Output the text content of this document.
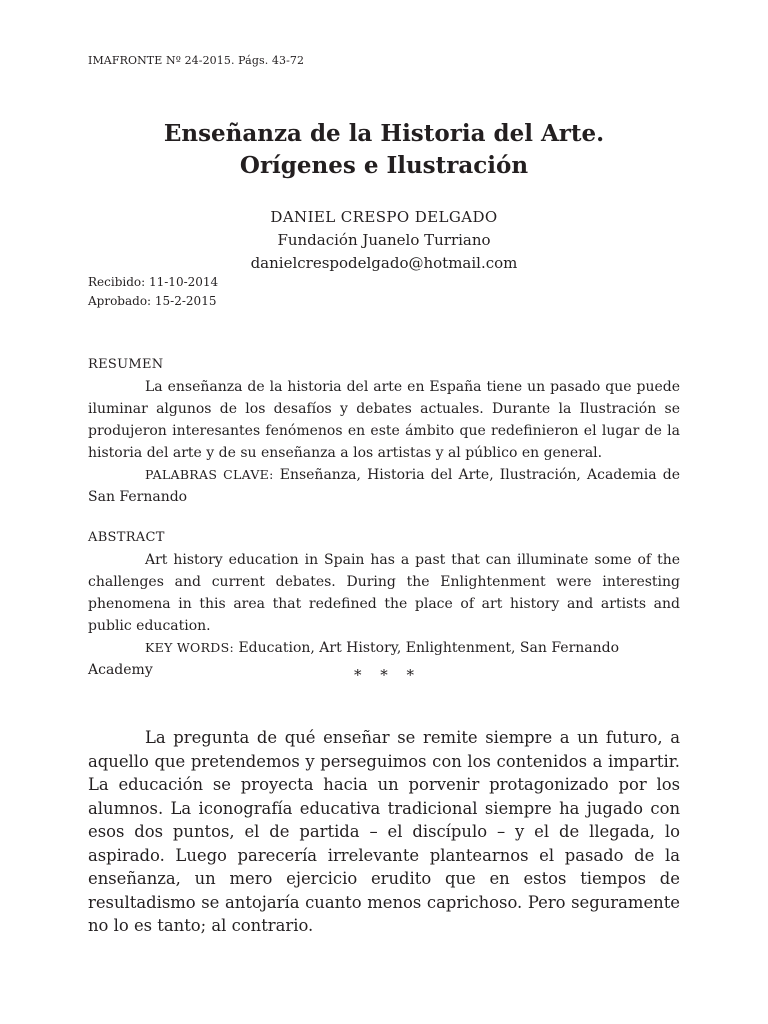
IMAFRONTE Nº 24-2015. Págs. 43-72
Enseñanza de la Historia del Arte.
Orígenes e Ilustración
DANIEL CRESPO DELGADO
Fundación Juanelo Turriano
danielcrespodelgado@hotmail.com
Recibido: 11-10-2014
Aprobado: 15-2-2015
RESUMEN
La enseñanza de la historia del arte en España tiene un pasado que puede iluminar algunos de los desafíos y debates actuales. Durante la Ilustración se produjeron interesantes fenómenos en este ámbito que redefinieron el lugar de la historia del arte y de su enseñanza a los artistas y al público en general.
PALABRAS CLAVE: Enseñanza, Historia del Arte, Ilustración, Academia de San Fernando
ABSTRACT
Art history education in Spain has a past that can illuminate some of the challenges and current debates. During the Enlightenment were interesting phenomena in this area that redefined the place of art history and artists and public education.
KEY WORDS: Education, Art History, Enlightenment, San Fernando Academy	* * *
La pregunta de qué enseñar se remite siempre a un futuro, a aquello que pretendemos y perseguimos con los contenidos a impartir. La educación se proyecta hacia un porvenir protagonizado por los alumnos. La iconografía educativa tradicional siempre ha jugado con esos dos puntos, el de partida – el discípulo – y el de llegada, lo aspirado. Luego parecería irrelevante plantearnos el pasado de la enseñanza, un mero ejercicio erudito que en estos tiempos de resultadismo se antojaría cuanto menos caprichoso. Pero seguramente no lo es tanto; al contrario.
